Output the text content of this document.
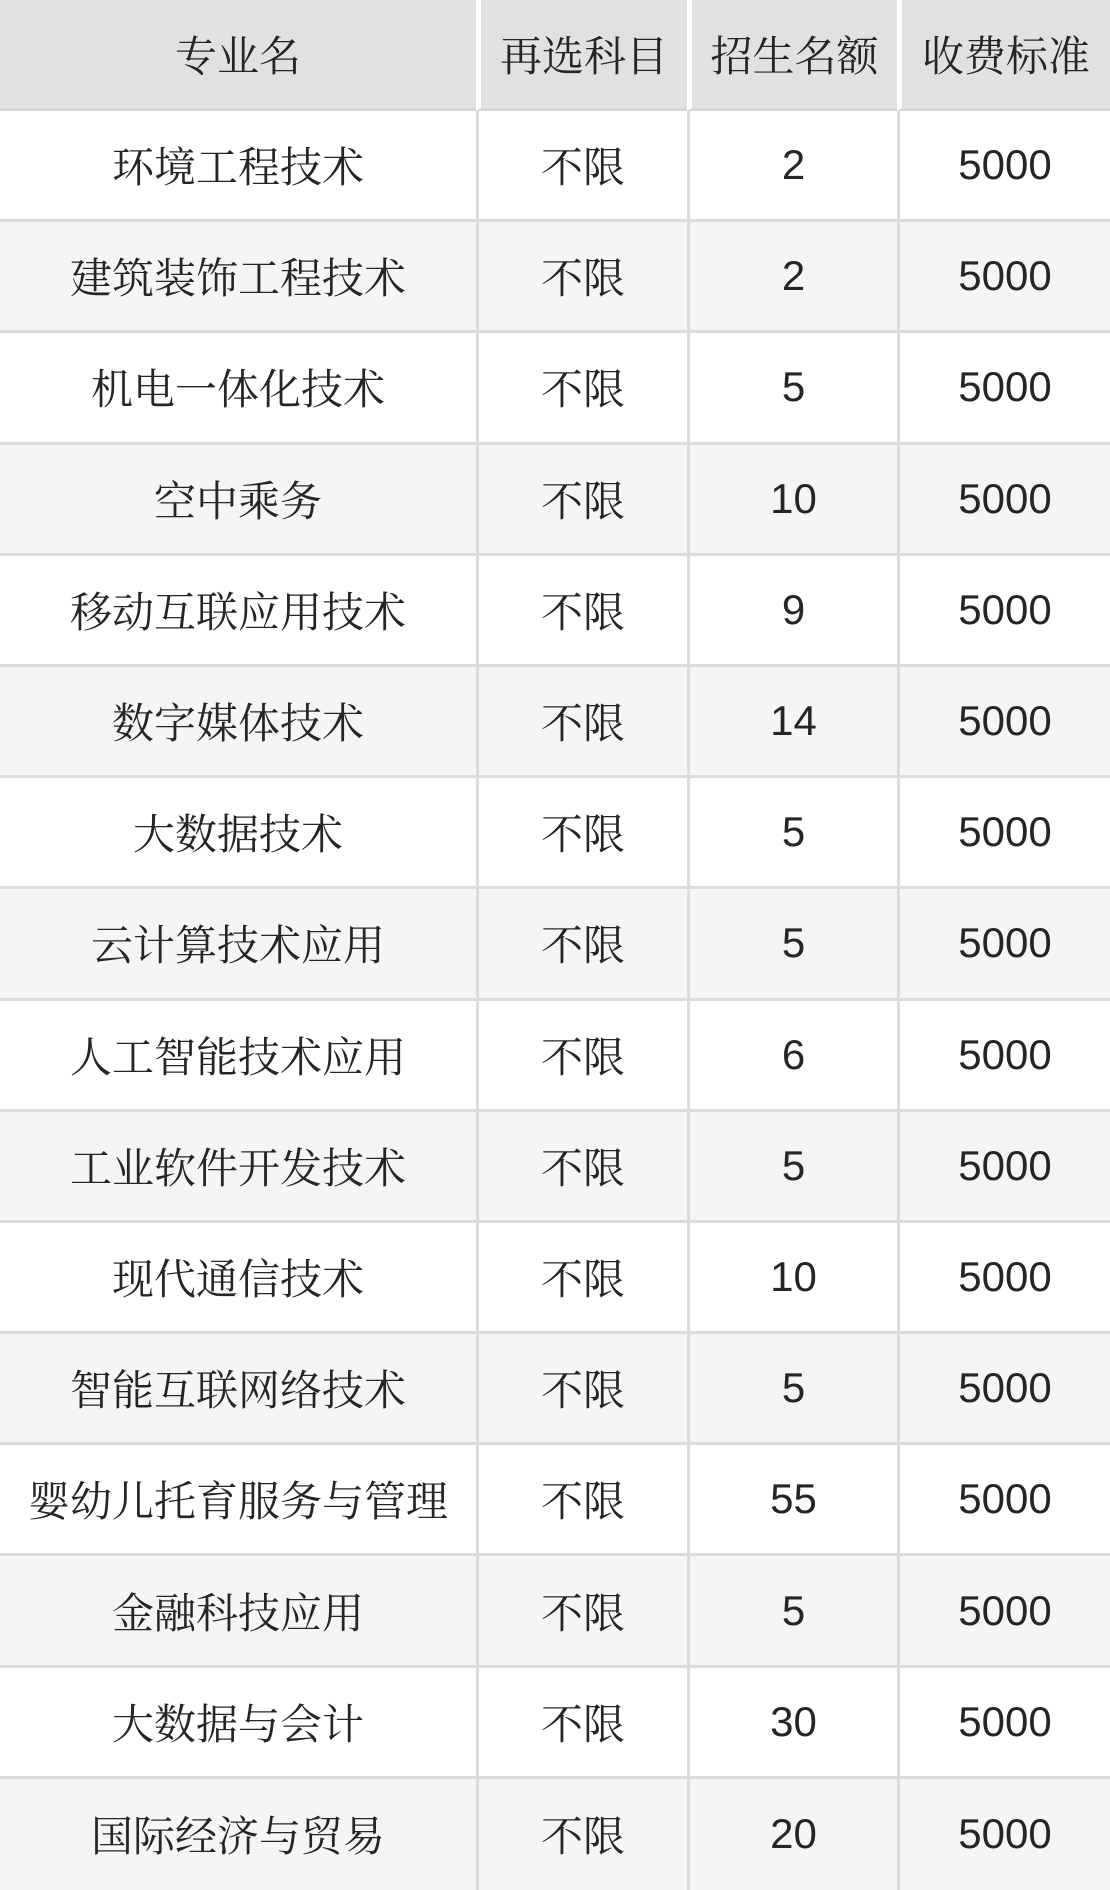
专业名	再选科目	招生名额	收费标准
环境工程技术	不限	2	5000
建筑装饰工程技术	不限	2	5000
机电一体化技术	不限	5	5000
空中乘务	不限	10	5000
移动互联应用技术	不限	9	5000
数字媒体技术	不限	14	5000
大数据技术	不限	5	5000
云计算技术应用	不限	5	5000
人工智能技术应用	不限	6	5000
工业软件开发技术	不限	5	5000
现代通信技术	不限	10	5000
智能互联网络技术	不限	5	5000
婴幼儿托育服务与管理	不限	55	5000
金融科技应用	不限	5	5000
大数据与会计	不限	30	5000
国际经济与贸易	不限	20	5000
